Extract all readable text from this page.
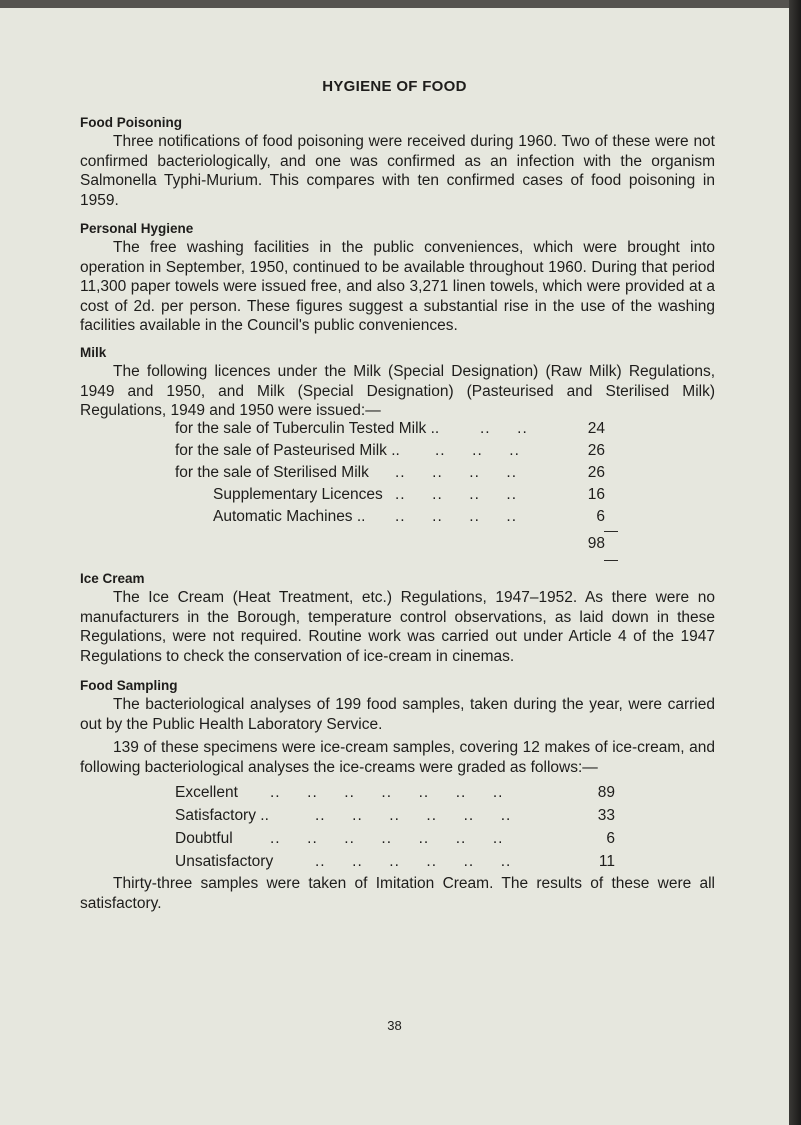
HYGIENE OF FOOD
Food Poisoning
Three notifications of food poisoning were received during 1960. Two of these were not confirmed bacteriologically, and one was confirmed as an infection with the organism Salmonella Typhi-Murium. This compares with ten confirmed cases of food poisoning in 1959.
Personal Hygiene
The free washing facilities in the public conveniences, which were brought into operation in September, 1950, continued to be available throughout 1960. During that period 11,300 paper towels were issued free, and also 3,271 linen towels, which were provided at a cost of 2d. per person. These figures suggest a substantial rise in the use of the washing facilities available in the Council's public conveniences.
Milk
The following licences under the Milk (Special Designation) (Raw Milk) Regulations, 1949 and 1950, and Milk (Special Designation) (Pasteurised and Sterilised Milk) Regulations, 1949 and 1950 were issued:—
for the sale of Tuberculin Tested Milk ..	..     ..	24
for the sale of Pasteurised Milk .. ..     ..     ..	26
for the sale of Sterilised Milk ..     ..     ..     ..	26
Supplementary Licences ..     ..     ..     ..	16
Automatic Machines .. ..     ..     ..     ..	6
98
Ice Cream
The Ice Cream (Heat Treatment, etc.) Regulations, 1947–1952. As there were no manufacturers in the Borough, temperature control observations, as laid down in these Regulations, were not required. Routine work was carried out under Article 4 of the 1947 Regulations to check the conservation of ice-cream in cinemas.
Food Sampling
The bacteriological analyses of 199 food samples, taken during the year, were carried out by the Public Health Laboratory Service.
139 of these specimens were ice-cream samples, covering 12 makes of ice-cream, and following bacteriological analyses the ice-creams were graded as follows:—
Excellent ..     ..     ..     ..     ..     ..     ..	89
Satisfactory ..	..     ..     ..     ..     ..     ..	33
Doubtful ..     ..     ..     ..     ..     ..     ..	6
Unsatisfactory	..     ..     ..     ..     ..     ..	11
Thirty-three samples were taken of Imitation Cream. The results of these were all satisfactory.
38
